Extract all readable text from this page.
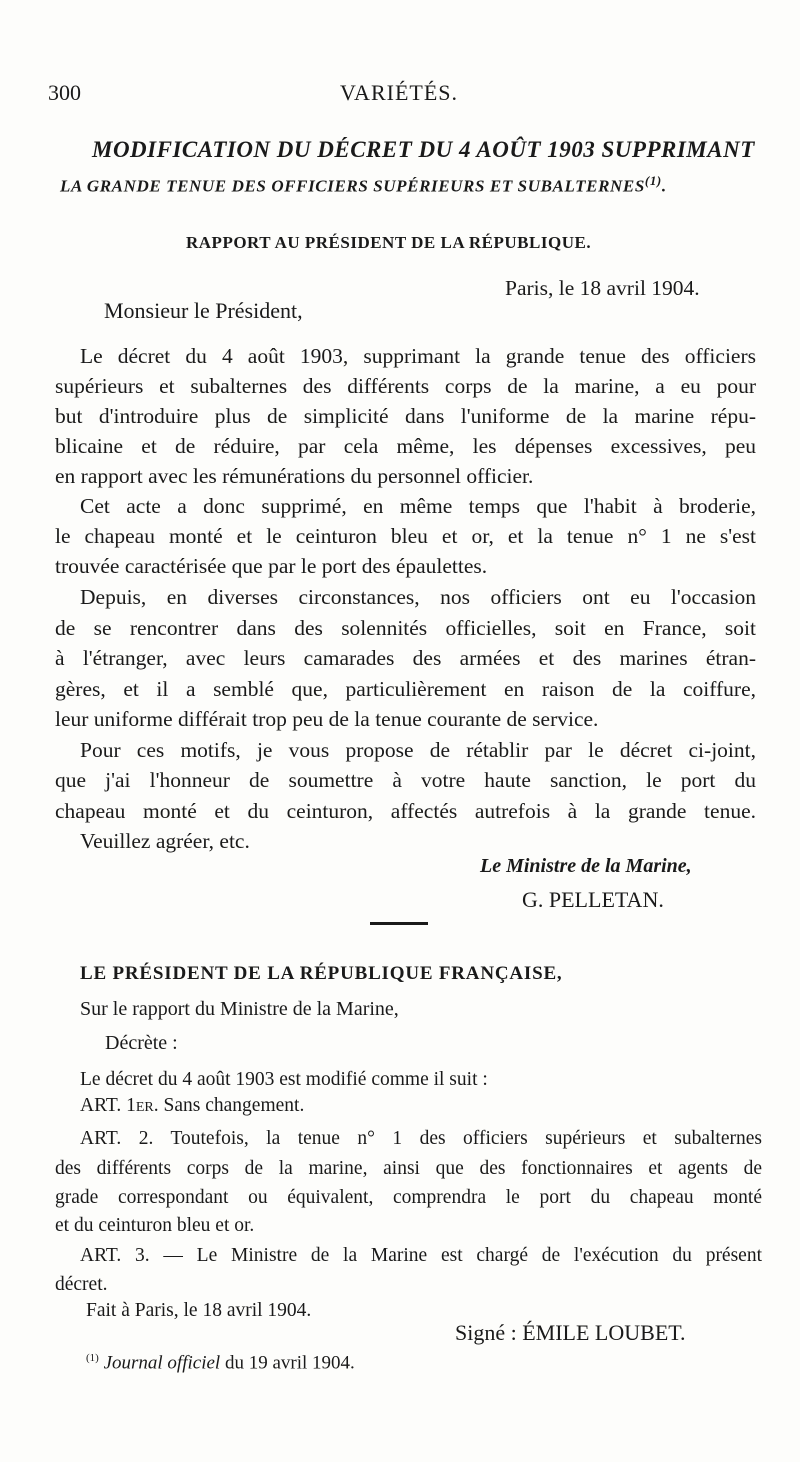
300	VARIÉTÉS.
MODIFICATION DU DÉCRET DU 4 AOÛT 1903 SUPPRIMANT
LA GRANDE TENUE DES OFFICIERS SUPÉRIEURS ET SUBALTERNES$^{(1)}$.
RAPPORT AU PRÉSIDENT DE LA RÉPUBLIQUE.
Paris, le 18 avril 1904.
Monsieur le Président,
Le décret du 4 août 1903, supprimant la grande tenue des officiers
supérieurs et subalternes des différents corps de la marine, a eu pour
but d'introduire plus de simplicité dans l'uniforme de la marine répu-
blicaine et de réduire, par cela même, les dépenses excessives, peu
en rapport avec les rémunérations du personnel officier.
Cet acte a donc supprimé, en même temps que l'habit à broderie,
le chapeau monté et le ceinturon bleu et or, et la tenue n° 1 ne s'est
trouvée caractérisée que par le port des épaulettes.
Depuis, en diverses circonstances, nos officiers ont eu l'occasion
de se rencontrer dans des solennités officielles, soit en France, soit
à l'étranger, avec leurs camarades des armées et des marines étran-
gères, et il a semblé que, particulièrement en raison de la coiffure,
leur uniforme différait trop peu de la tenue courante de service.
Pour ces motifs, je vous propose de rétablir par le décret ci-joint,
que j'ai l'honneur de soumettre à votre haute sanction, le port du
chapeau monté et du ceinturon, affectés autrefois à la grande tenue.
Veuillez agréer, etc.
Le Ministre de la Marine,
G. PELLETAN.
LE PRÉSIDENT DE LA RÉPUBLIQUE FRANÇAISE,
Sur le rapport du Ministre de la Marine,
Décrète :
Le décret du 4 août 1903 est modifié comme il suit :
ART. 1er. Sans changement.
ART. 2. Toutefois, la tenue n° 1 des officiers supérieurs et subalternes
des différents corps de la marine, ainsi que des fonctionnaires et agents de
grade correspondant ou équivalent, comprendra le port du chapeau monté
et du ceinturon bleu et or.
ART. 3. — Le Ministre de la Marine est chargé de l'exécution du présent
décret.
Fait à Paris, le 18 avril 1904.
Signé : ÉMILE LOUBET.
$^{(1)}$ Journal officiel du 19 avril 1904.
